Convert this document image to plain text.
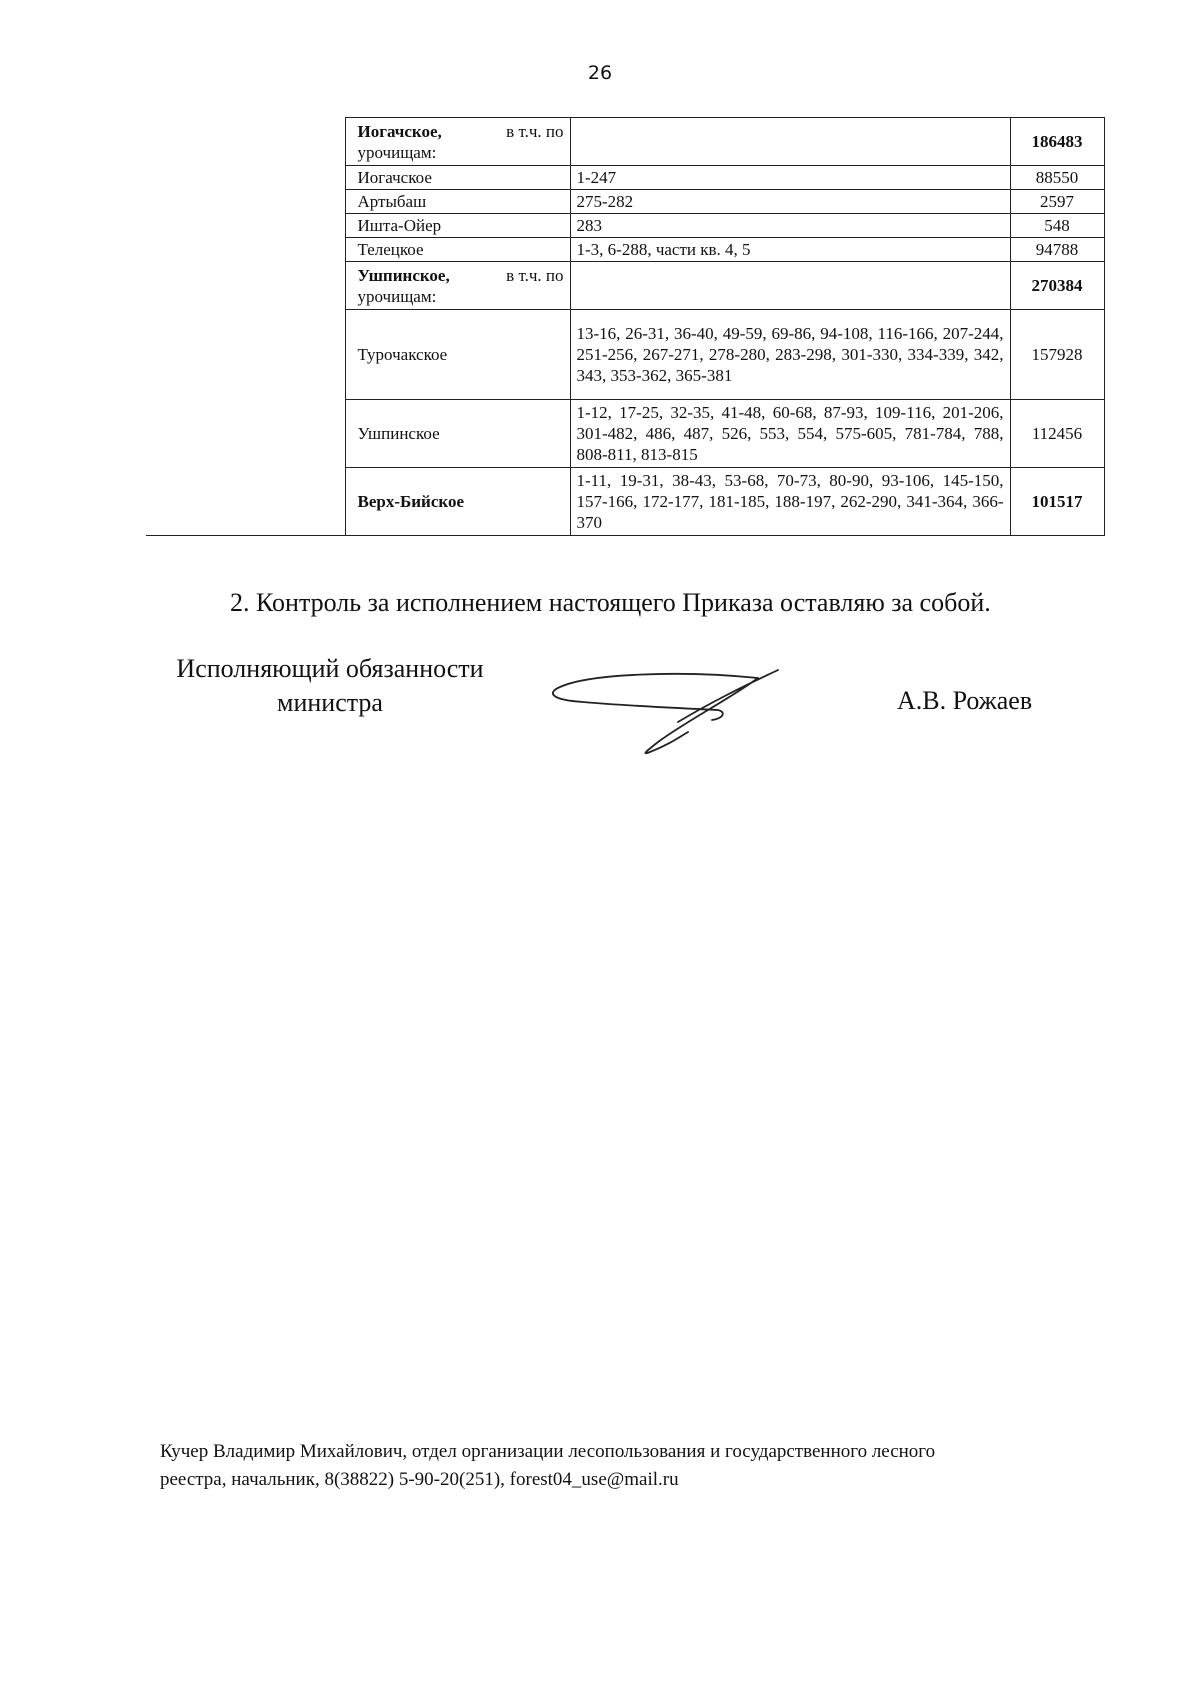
26

	Иогачское, в т.ч. по
урочищам:		186483
	Иогачское	1-247	88550
	Артыбаш	275-282	2597
	Ишта-Ойер	283	548
	Телецкое	1-3, 6-288, части кв. 4, 5	94788

	Ушпинское, в т.ч. по
урочищам:		270384
	Турочакское	13-16, 26-31, 36-40, 49-59, 69-86, 94-108, 116-166, 207-244, 251-256, 267-271, 278-280, 283-298, 301-330, 334-339, 342, 343, 353-362, 365-381	157928
	Ушпинское	1-12, 17-25, 32-35, 41-48, 60-68, 87-93, 109-116, 201-206, 301-482, 486, 487, 526, 553, 554, 575-605, 781-784, 788, 808-811, 813-815	112456
	Верх-Бийское	1-11, 19-31, 38-43, 53-68, 70-73, 80-90, 93-106, 145-150, 157-166, 172-177, 181-185, 188-197, 262-290, 341-364, 366-370	101517
2. Контроль за исполнением настоящего Приказа оставляю за собой.
Исполняющий обязанности
министра	А.В. Рожаев
Кучер Владимир Михайлович, отдел организации лесопользования и государственного лесного
реестра, начальник, 8(38822) 5-90-20(251), forest04_use@mail.ru
